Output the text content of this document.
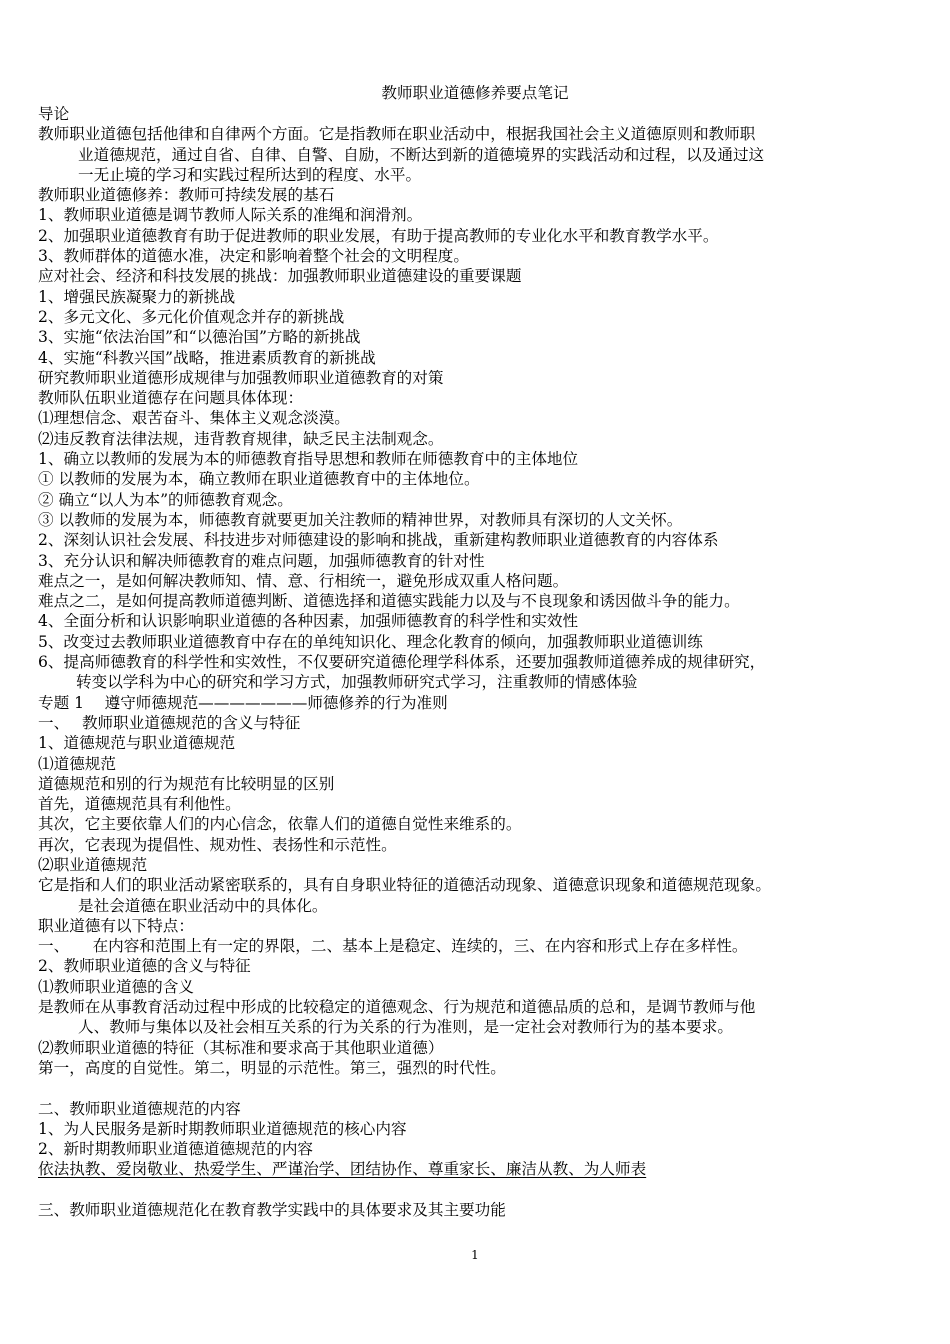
教师职业道德修养要点笔记
导论
教师职业道德包括他律和自律两个方面。它是指教师在职业活动中，根据我国社会主义道德原则和教师职
业道德规范，通过自省、自律、自警、自励，不断达到新的道德境界的实践活动和过程，以及通过这
一无止境的学习和实践过程所达到的程度、水平。
教师职业道德修养：教师可持续发展的基石
1、教师职业道德是调节教师人际关系的准绳和润滑剂。
2、加强职业道德教育有助于促进教师的职业发展，有助于提高教师的专业化水平和教育教学水平。
3、教师群体的道德水准，决定和影响着整个社会的文明程度。
应对社会、经济和科技发展的挑战：加强教师职业道德建设的重要课题
1、增强民族凝聚力的新挑战
2、多元文化、多元化价值观念并存的新挑战
3、实施“依法治国”和“以德治国”方略的新挑战
4、实施“科教兴国”战略，推进素质教育的新挑战
研究教师职业道德形成规律与加强教师职业道德教育的对策
教师队伍职业道德存在问题具体体现：
⑴理想信念、艰苦奋斗、集体主义观念淡漠。
⑵违反教育法律法规，违背教育规律，缺乏民主法制观念。
1、确立以教师的发展为本的师德教育指导思想和教师在师德教育中的主体地位
① 以教师的发展为本，确立教师在职业道德教育中的主体地位。
② 确立“以人为本”的师德教育观念。
③ 以教师的发展为本，师德教育就要更加关注教师的精神世界，对教师具有深切的人文关怀。
2、深刻认识社会发展、科技进步对师德建设的影响和挑战，重新建构教师职业道德教育的内容体系
3、充分认识和解决师德教育的难点问题，加强师德教育的针对性
难点之一，是如何解决教师知、情、意、行相统一，避免形成双重人格问题。
难点之二，是如何提高教师道德判断、道德选择和道德实践能力以及与不良现象和诱因做斗争的能力。
4、全面分析和认识影响职业道德的各种因素，加强师德教育的科学性和实效性
5、改变过去教师职业道德教育中存在的单纯知识化、理念化教育的倾向，加强教师职业道德训练
6、提高师德教育的科学性和实效性，不仅要研究道德伦理学科体系，还要加强教师道德养成的规律研究，
转变以学科为中心的研究和学习方式，加强教师研究式学习，注重教师的情感体验
专题 1　 遵守师德规范———————师德修养的行为准则
一、　 教师职业道德规范的含义与特征
1、道德规范与职业道德规范
⑴道德规范
道德规范和别的行为规范有比较明显的区别
首先，道德规范具有利他性。
其次，它主要依靠人们的内心信念，依靠人们的道德自觉性来维系的。
再次，它表现为提倡性、规劝性、表扬性和示范性。
⑵职业道德规范
它是指和人们的职业活动紧密联系的，具有自身职业特征的道德活动现象、道德意识现象和道德规范现象。
是社会道德在职业活动中的具体化。
职业道德有以下特点：
一、　　在内容和范围上有一定的界限，二、基本上是稳定、连续的，三、在内容和形式上存在多样性。
2、教师职业道德的含义与特征
⑴教师职业道德的含义
是教师在从事教育活动过程中形成的比较稳定的道德观念、行为规范和道德品质的总和，是调节教师与他
人、教师与集体以及社会相互关系的行为关系的行为准则，是一定社会对教师行为的基本要求。
⑵教师职业道德的特征（其标准和要求高于其他职业道德）
第一，高度的自觉性。第二，明显的示范性。第三，强烈的时代性。
二、教师职业道德规范的内容
1、为人民服务是新时期教师职业道德规范的核心内容
2、新时期教师职业道德道德规范的内容
依法执教、爱岗敬业、热爱学生、严谨治学、团结协作、尊重家长、廉洁从教、为人师表
三、教师职业道德规范化在教育教学实践中的具体要求及其主要功能
1
